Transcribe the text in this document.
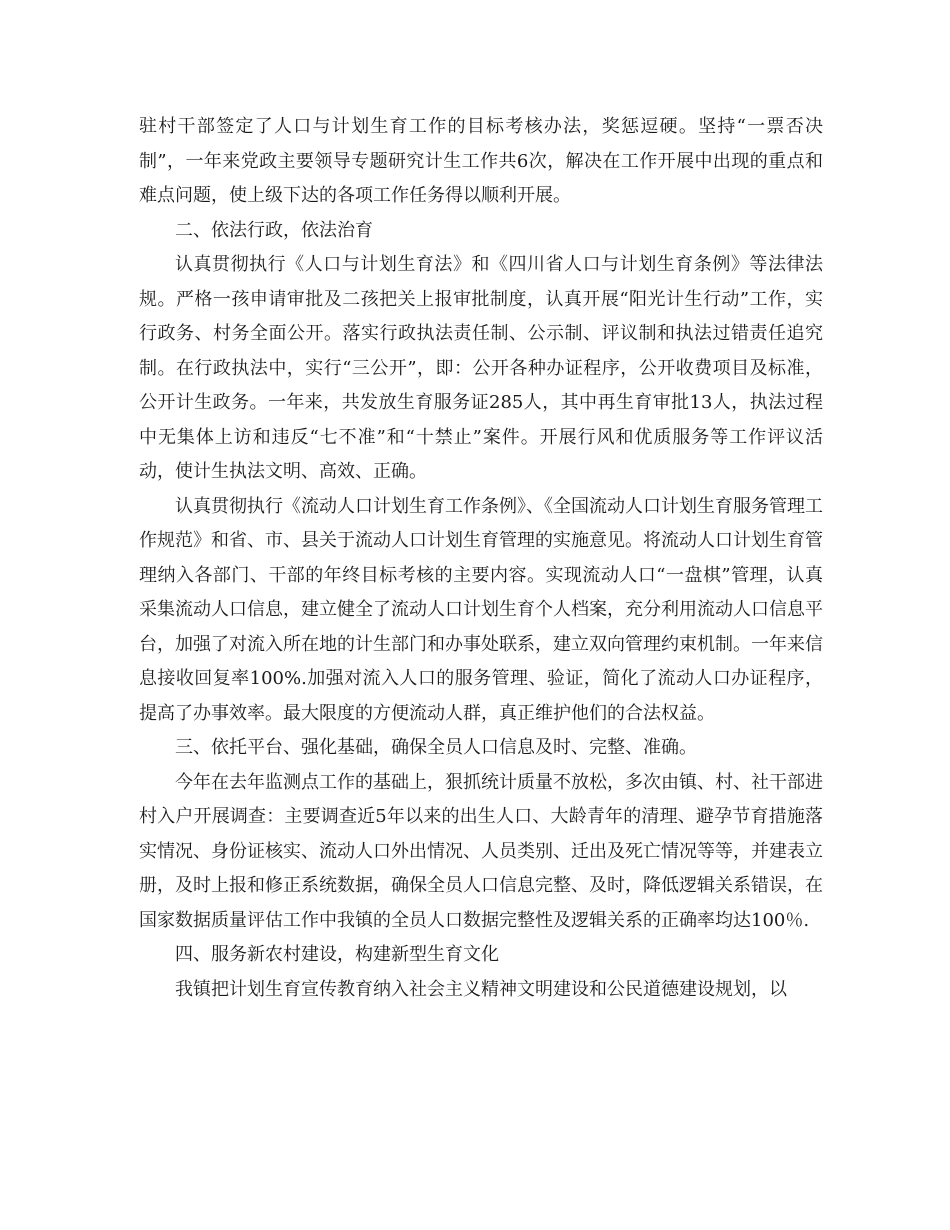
驻村干部签定了人口与计划生育工作的目标考核办法，奖惩逗硬。坚持“一票否决制”，一年来党政主要领导专题研究计生工作共6次，解决在工作开展中出现的重点和难点问题，使上级下达的各项工作任务得以顺利开展。

二、依法行政，依法治育

认真贯彻执行《人口与计划生育法》和《四川省人口与计划生育条例》等法律法规。严格一孩申请审批及二孩把关上报审批制度，认真开展“阳光计生行动”工作，实行政务、村务全面公开。落实行政执法责任制、公示制、评议制和执法过错责任追究制。在行政执法中，实行“三公开”，即：公开各种办证程序，公开收费项目及标准，公开计生政务。一年来，共发放生育服务证285人，其中再生育审批13人，执法过程中无集体上访和违反“七不准”和“十禁止”案件。开展行风和优质服务等工作评议活动，使计生执法文明、高效、正确。

认真贯彻执行《流动人口计划生育工作条例》、《全国流动人口计划生育服务管理工作规范》和省、市、县关于流动人口计划生育管理的实施意见。将流动人口计划生育管理纳入各部门、干部的年终目标考核的主要内容。实现流动人口“一盘棋”管理，认真采集流动人口信息，建立健全了流动人口计划生育个人档案，充分利用流动人口信息平台，加强了对流入所在地的计生部门和办事处联系，建立双向管理约束机制。一年来信息接收回复率100%.加强对流入人口的服务管理、验证，简化了流动人口办证程序，提高了办事效率。最大限度的方便流动人群，真正维护他们的合法权益。

三、依托平台、强化基础，确保全员人口信息及时、完整、准确。

今年在去年监测点工作的基础上，狠抓统计质量不放松，多次由镇、村、社干部进村入户开展调查：主要调查近5年以来的出生人口、大龄青年的清理、避孕节育措施落实情况、身份证核实、流动人口外出情况、人员类别、迁出及死亡情况等等，并建表立册，及时上报和修正系统数据，确保全员人口信息完整、及时，降低逻辑关系错误，在国家数据质量评估工作中我镇的全员人口数据完整性及逻辑关系的正确率均达100％.

四、服务新农村建设，构建新型生育文化

我镇把计划生育宣传教育纳入社会主义精神文明建设和公民道德建设规划，以
